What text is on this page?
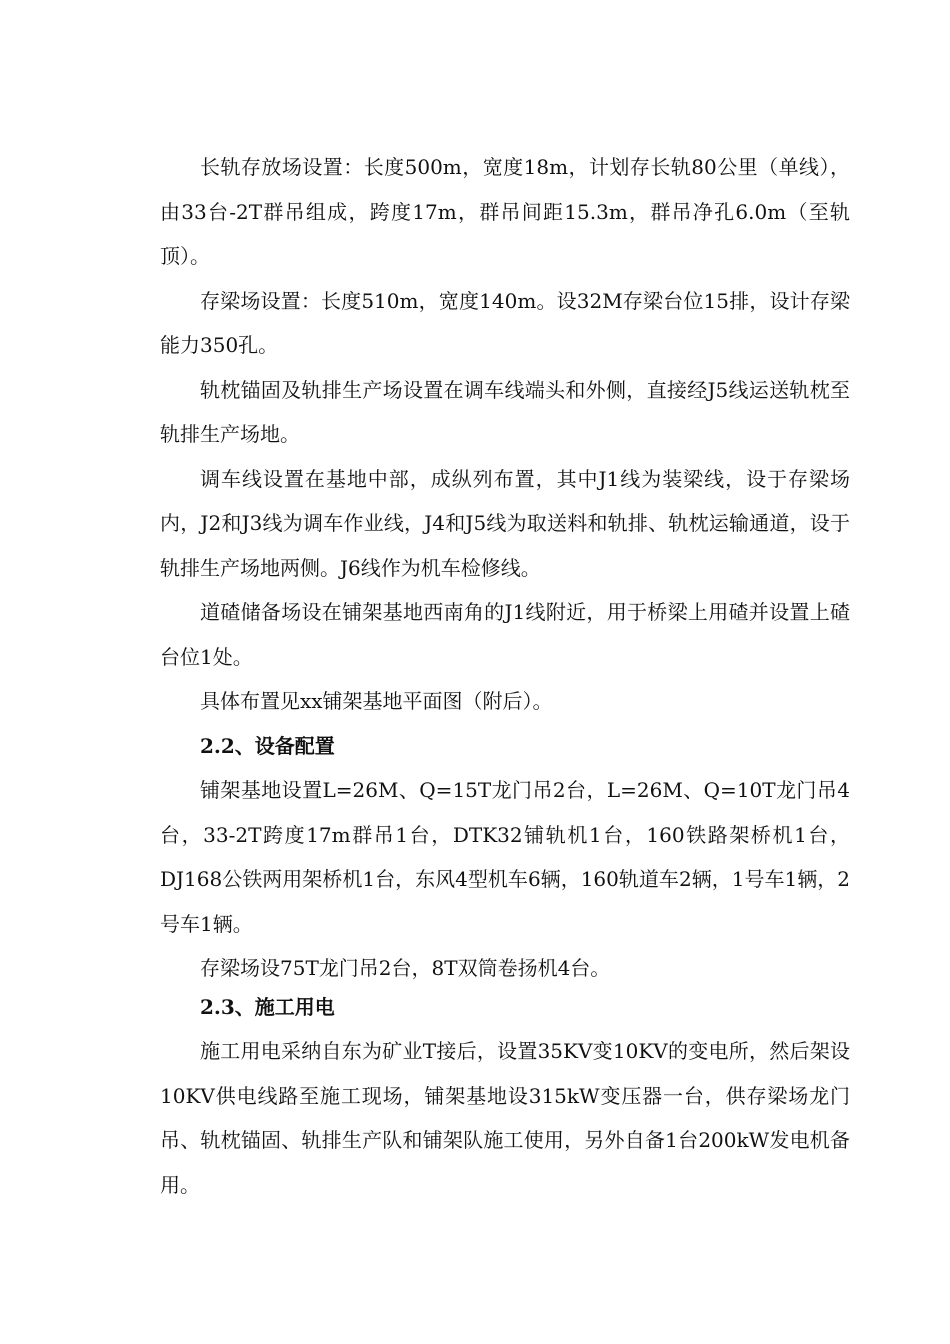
长轨存放场设置：长度500m，宽度18m，计划存长轨80公里（单线），由33台-2T群吊组成，跨度17m，群吊间距15.3m，群吊净孔6.0m（至轨顶）。

存梁场设置：长度510m，宽度140m。设32M存梁台位15排，设计存梁能力350孔。

轨枕锚固及轨排生产场设置在调车线端头和外侧，直接经J5线运送轨枕至轨排生产场地。

调车线设置在基地中部，成纵列布置，其中J1线为装梁线，设于存梁场内，J2和J3线为调车作业线，J4和J5线为取送料和轨排、轨枕运输通道，设于轨排生产场地两侧。J6线作为机车检修线。

道碴储备场设在铺架基地西南角的J1线附近，用于桥梁上用碴并设置上碴台位1处。

具体布置见xx铺架基地平面图（附后）。

2.2、设备配置

铺架基地设置L=26M、Q=15T龙门吊2台，L=26M、Q=10T龙门吊4台，33-2T跨度17m群吊1台，DTK32铺轨机1台，160铁路架桥机1台，DJ168公铁两用架桥机1台，东风4型机车6辆，160轨道车2辆，1号车1辆，2号车1辆。

存梁场设75T龙门吊2台，8T双筒卷扬机4台。

2.3、施工用电

施工用电采纳自东为矿业T接后，设置35KV变10KV的变电所，然后架设10KV供电线路至施工现场，铺架基地设315kW变压器一台，供存梁场龙门吊、轨枕锚固、轨排生产队和铺架队施工使用，另外自备1台200kW发电机备用。
